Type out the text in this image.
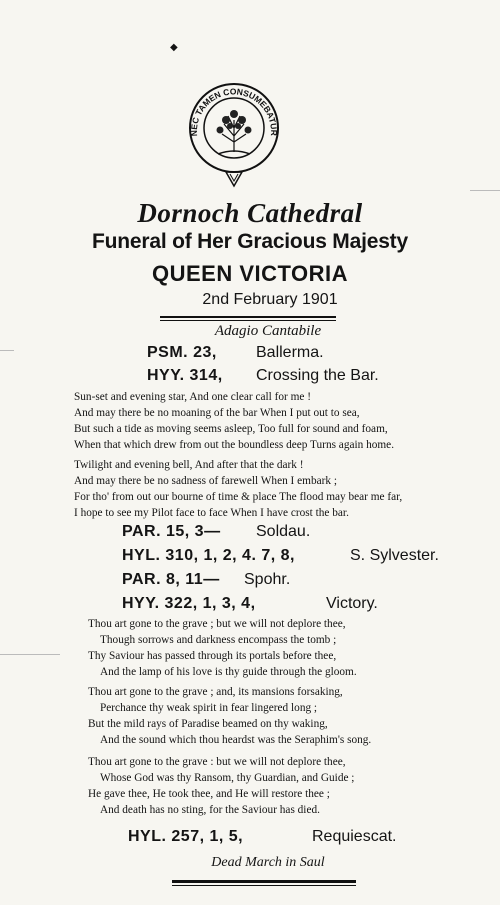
◆
NEC TAMEN CONSUMEBATUR
Dornoch Cathedral
Funeral of Her Gracious Majesty
QUEEN VICTORIA
2nd February 1901
Adagio Cantabile
PSM. 23, Ballerma.
HYY. 314, Crossing the Bar.
Sun-set and evening star, And one clear call for me !
And may there be no moaning of the bar When I put out to sea,
But such a tide as moving seems asleep, Too full for sound and foam,
When that which drew from out the boundless deep Turns again home.
Twilight and evening bell, And after that the dark !
And may there be no sadness of farewell When I embark ;
For tho' from out our bourne of time & place The flood may bear me far,
I hope to see my Pilot face to face When I have crost the bar.
PAR. 15, 3— Soldau.
HYL. 310, 1, 2, 4. 7, 8,	S. Sylvester.
PAR. 8, 11— Spohr.
HYY. 322, 1, 3, 4,	Victory.
Thou art gone to the grave ; but we will not deplore thee,
Though sorrows and darkness encompass the tomb ;
Thy Saviour has passed through its portals before thee,
And the lamp of his love is thy guide through the gloom.
Thou art gone to the grave ; and, its mansions forsaking,
Perchance thy weak spirit in fear lingered long ;
But the mild rays of Paradise beamed on thy waking,
And the sound which thou heardst was the Seraphim's song.
Thou art gone to the grave : but we will not deplore thee,
Whose God was thy Ransom, thy Guardian, and Guide ;
He gave thee, He took thee, and He will restore thee ;
And death has no sting, for the Saviour has died.
HYL. 257, 1, 5,	Requiescat.
Dead March in Saul
